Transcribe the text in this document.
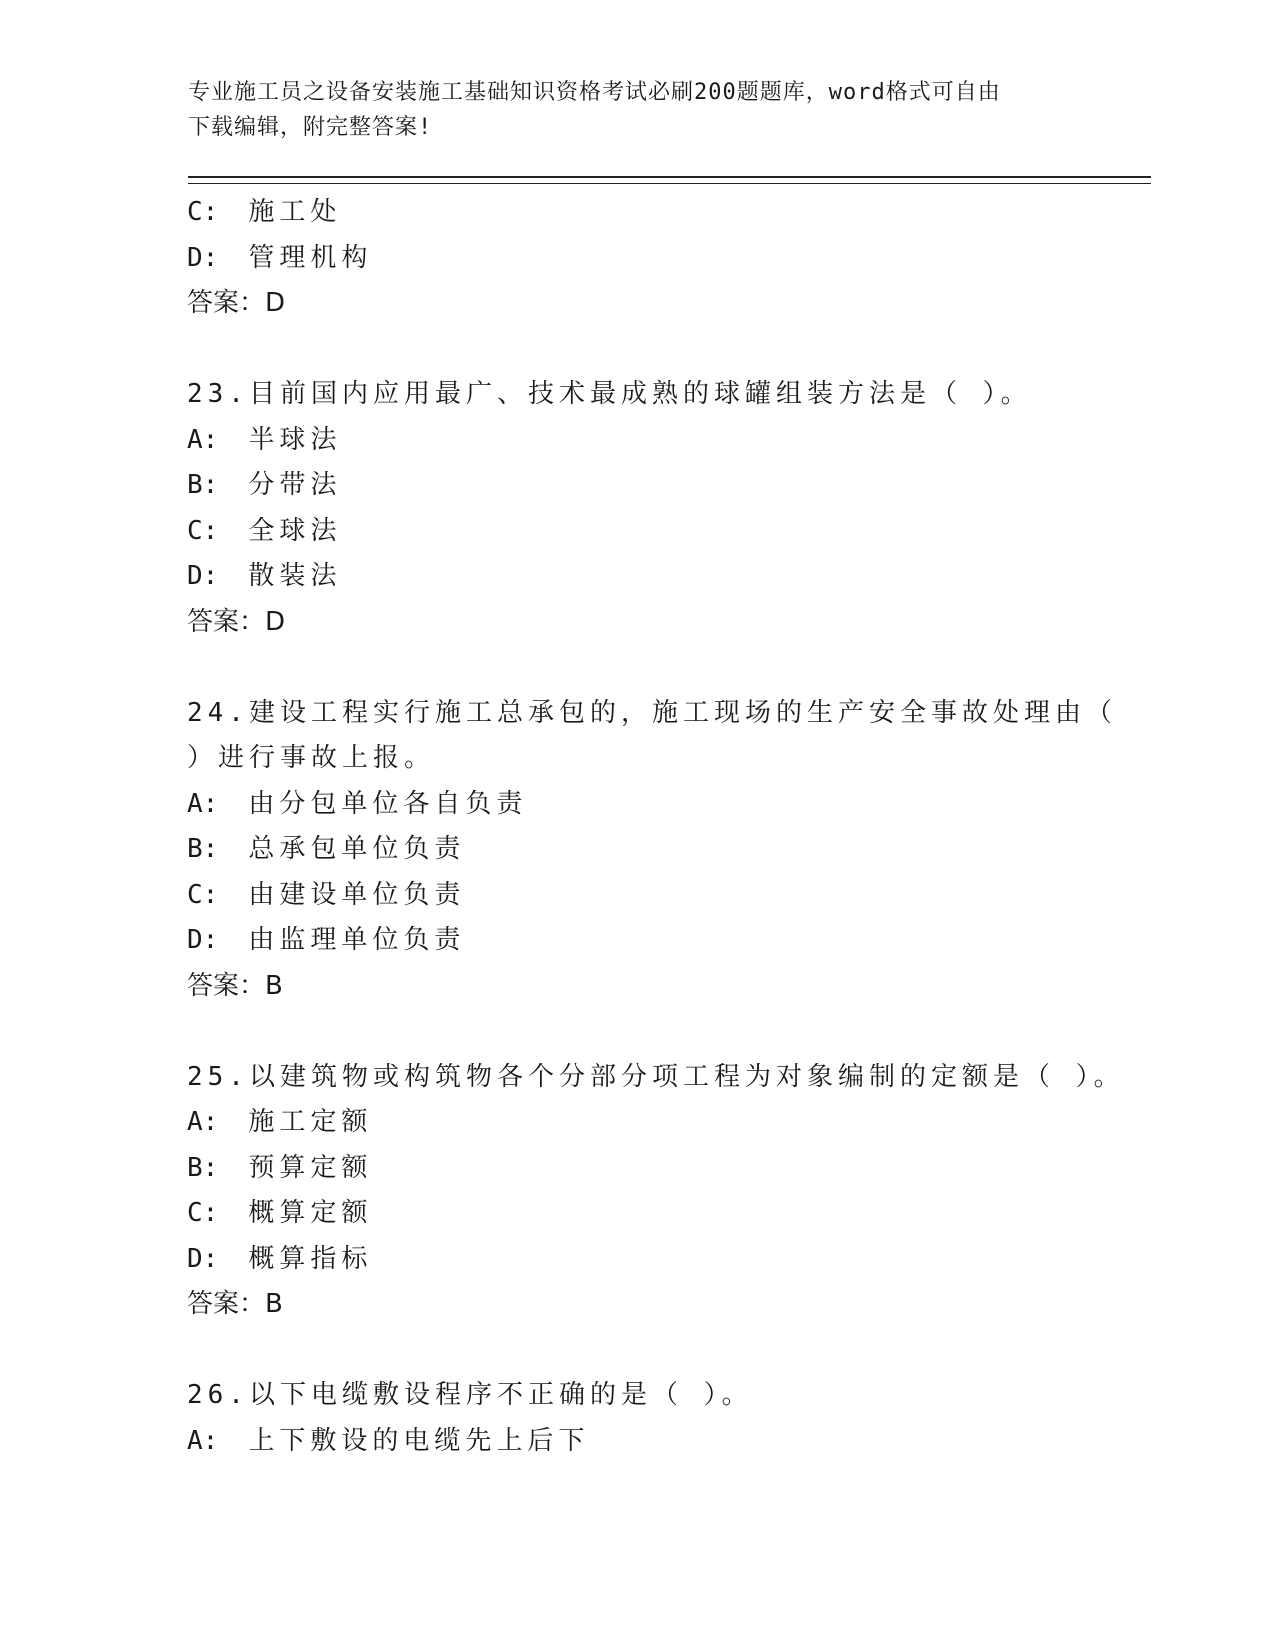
专业施工员之设备安装施工基础知识资格考试必刷200题题库，word格式可自由
下载编辑，附完整答案!
C: 施工处
D: 管理机构
答案：D
23.目前国内应用最广、技术最成熟的球罐组装方法是（ ）。
A: 半球法
B: 分带法
C: 全球法
D: 散装法
答案：D
24.建设工程实行施工总承包的，施工现场的生产安全事故处理由（
）进行事故上报。
A: 由分包单位各自负责
B: 总承包单位负责
C: 由建设单位负责
D: 由监理单位负责
答案：B
25.以建筑物或构筑物各个分部分项工程为对象编制的定额是（ ）。
A: 施工定额
B: 预算定额
C: 概算定额
D: 概算指标
答案：B
26.以下电缆敷设程序不正确的是（ ）。
A: 上下敷设的电缆先上后下
